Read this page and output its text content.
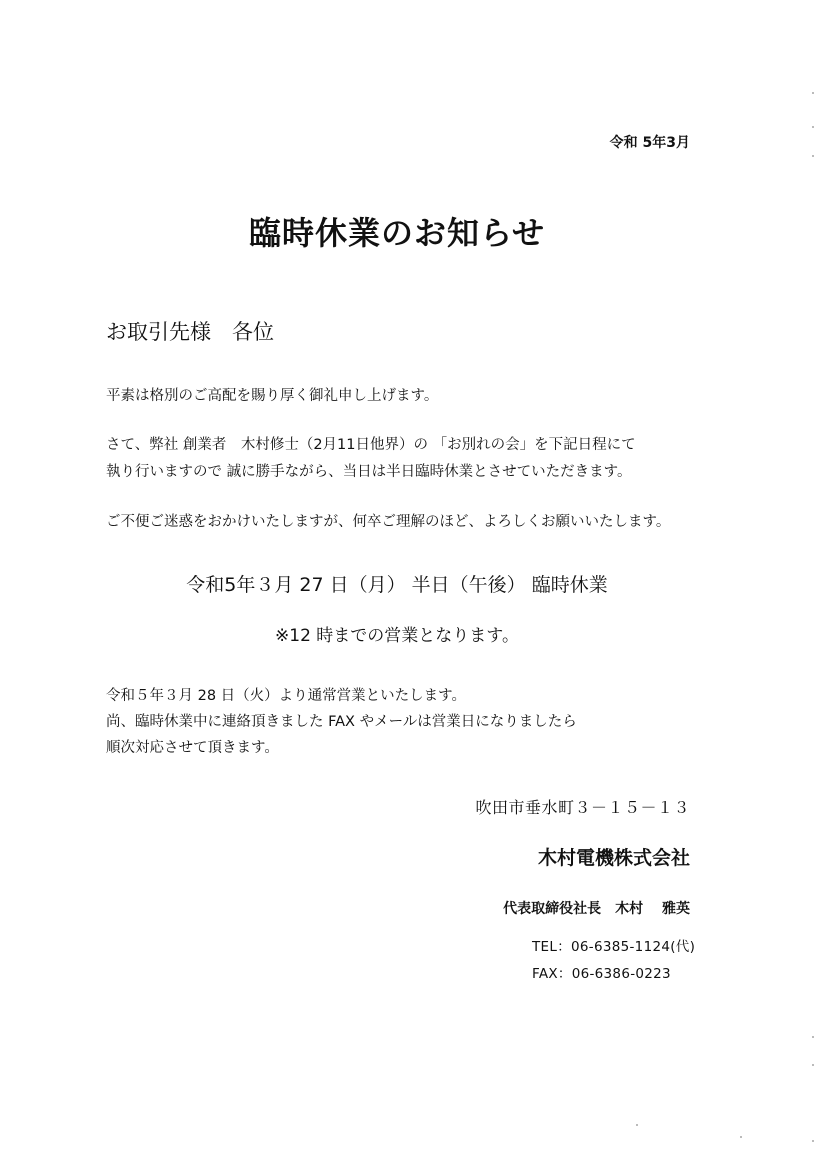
令和 5年3月
臨時休業のお知らせ
お取引先様　各位
平素は格別のご高配を賜り厚く御礼申し上げます。
さて、弊社 創業者　木村修士（2月11日他界）の 「お別れの会」を下記日程にて
執り行いますので 誠に勝手ながら、当日は半日臨時休業とさせていただきます。
ご不便ご迷惑をおかけいたしますが、何卒ご理解のほど、よろしくお願いいたします。
令和5年３月 27 日（月） 半日（午後） 臨時休業
※12 時までの営業となります。
令和５年３月 28 日（火）より通常営業といたします。
尚、臨時休業中に連絡頂きました FAX やメールは営業日になりましたら
順次対応させて頂きます。
吹田市垂水町３－１５－１３
木村電機株式会社
代表取締役社長　木村　 雅英
TEL：06-6385-1124(代)
FAX：06-6386-0223
